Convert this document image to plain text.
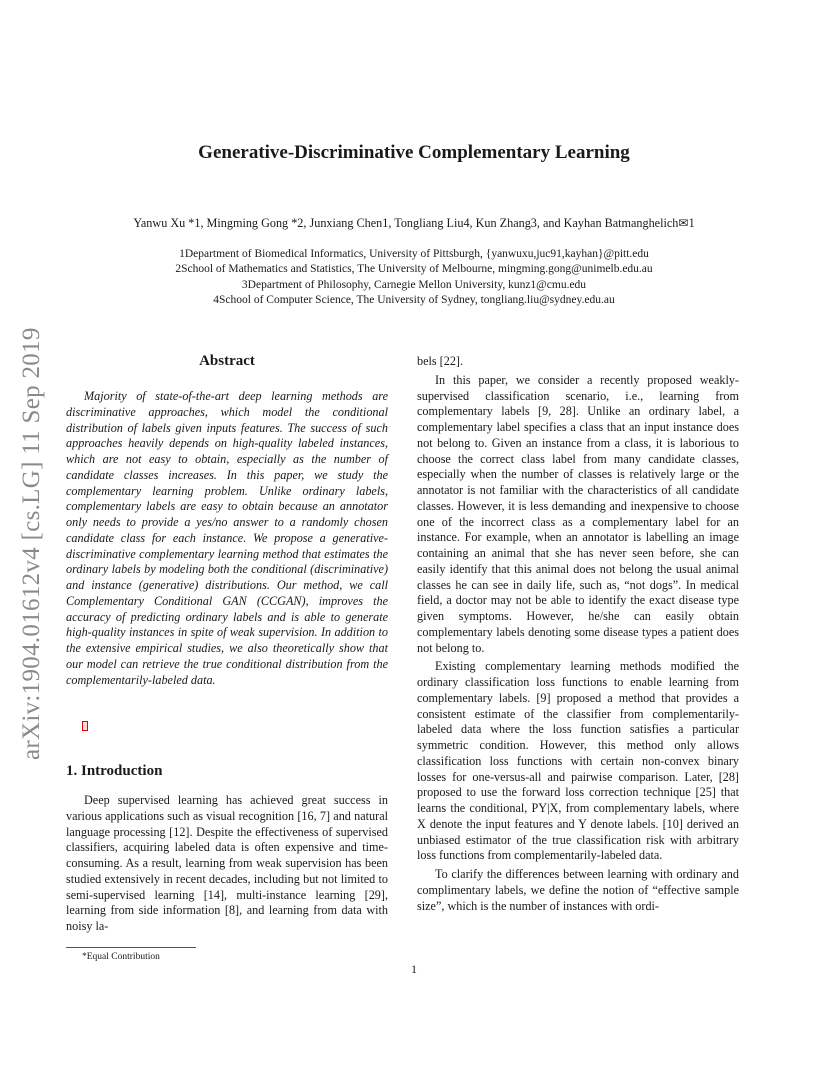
arXiv:1904.01612v4 [cs.LG] 11 Sep 2019
Generative-Discriminative Complementary Learning
Yanwu Xu *1, Mingming Gong *2, Junxiang Chen1, Tongliang Liu4, Kun Zhang3, and Kayhan Batmanghelich✉1
1Department of Biomedical Informatics, University of Pittsburgh, {yanwuxu,juc91,kayhan}@pitt.edu
2School of Mathematics and Statistics, The University of Melbourne, mingming.gong@unimelb.edu.au
3Department of Philosophy, Carnegie Mellon University, kunz1@cmu.edu
4School of Computer Science, The University of Sydney, tongliang.liu@sydney.edu.au
Abstract
Majority of state-of-the-art deep learning methods are discriminative approaches, which model the conditional distribution of labels given inputs features. The success of such approaches heavily depends on high-quality labeled instances, which are not easy to obtain, especially as the number of candidate classes increases. In this paper, we study the complementary learning problem. Unlike ordinary labels, complementary labels are easy to obtain because an annotator only needs to provide a yes/no answer to a randomly chosen candidate class for each instance. We propose a generative-discriminative complementary learning method that estimates the ordinary labels by modeling both the conditional (discriminative) and instance (generative) distributions. Our method, we call Complementary Conditional GAN (CCGAN), improves the accuracy of predicting ordinary labels and is able to generate high-quality instances in spite of weak supervision. In addition to the extensive empirical studies, we also theoretically show that our model can retrieve the true conditional distribution from the complementarily-labeled data.
1. Introduction
Deep supervised learning has achieved great success in various applications such as visual recognition [16, 7] and natural language processing [12]. Despite the effectiveness of supervised classifiers, acquiring labeled data is often expensive and time-consuming. As a result, learning from weak supervision has been studied extensively in recent decades, including but not limited to semi-supervised learning [14], multi-instance learning [29], learning from side information [8], and learning from data with noisy la-

bels [22].

In this paper, we consider a recently proposed weakly-supervised classification scenario, i.e., learning from complementary labels [9, 28]. Unlike an ordinary label, a complementary label specifies a class that an input instance does not belong to. Given an instance from a class, it is laborious to choose the correct class label from many candidate classes, especially when the number of classes is relatively large or the annotator is not familiar with the characteristics of all candidate classes. However, it is less demanding and inexpensive to choose one of the incorrect class as a complementary label for an instance. For example, when an annotator is labelling an image containing an animal that she has never seen before, she can easily identify that this animal does not belong the usual animal classes he can see in daily life, such as, “not dogs”. In medical field, a doctor may not be able to identify the exact disease type given symptoms. However, he/she can easily obtain complementary labels denoting some disease types a patient does not belong to.

Existing complementary learning methods modified the ordinary classification loss functions to enable learning from complementary labels. [9] proposed a method that provides a consistent estimate of the classifier from complementarily-labeled data where the loss function satisfies a particular symmetric condition. However, this method only allows classification loss functions with certain non-convex binary losses for one-versus-all and pairwise comparison. Later, [28] proposed to use the forward loss correction technique [25] that learns the conditional, PY|X, from complementary labels, where X denote the input features and Y denote labels. [10] derived an unbiased estimator of the true classification risk with arbitrary loss functions from complementarily-labeled data.

To clarify the differences between learning with ordinary and complimentary labels, we define the notion of “effective sample size”, which is the number of instances with ordi-

*Equal Contribution
1
